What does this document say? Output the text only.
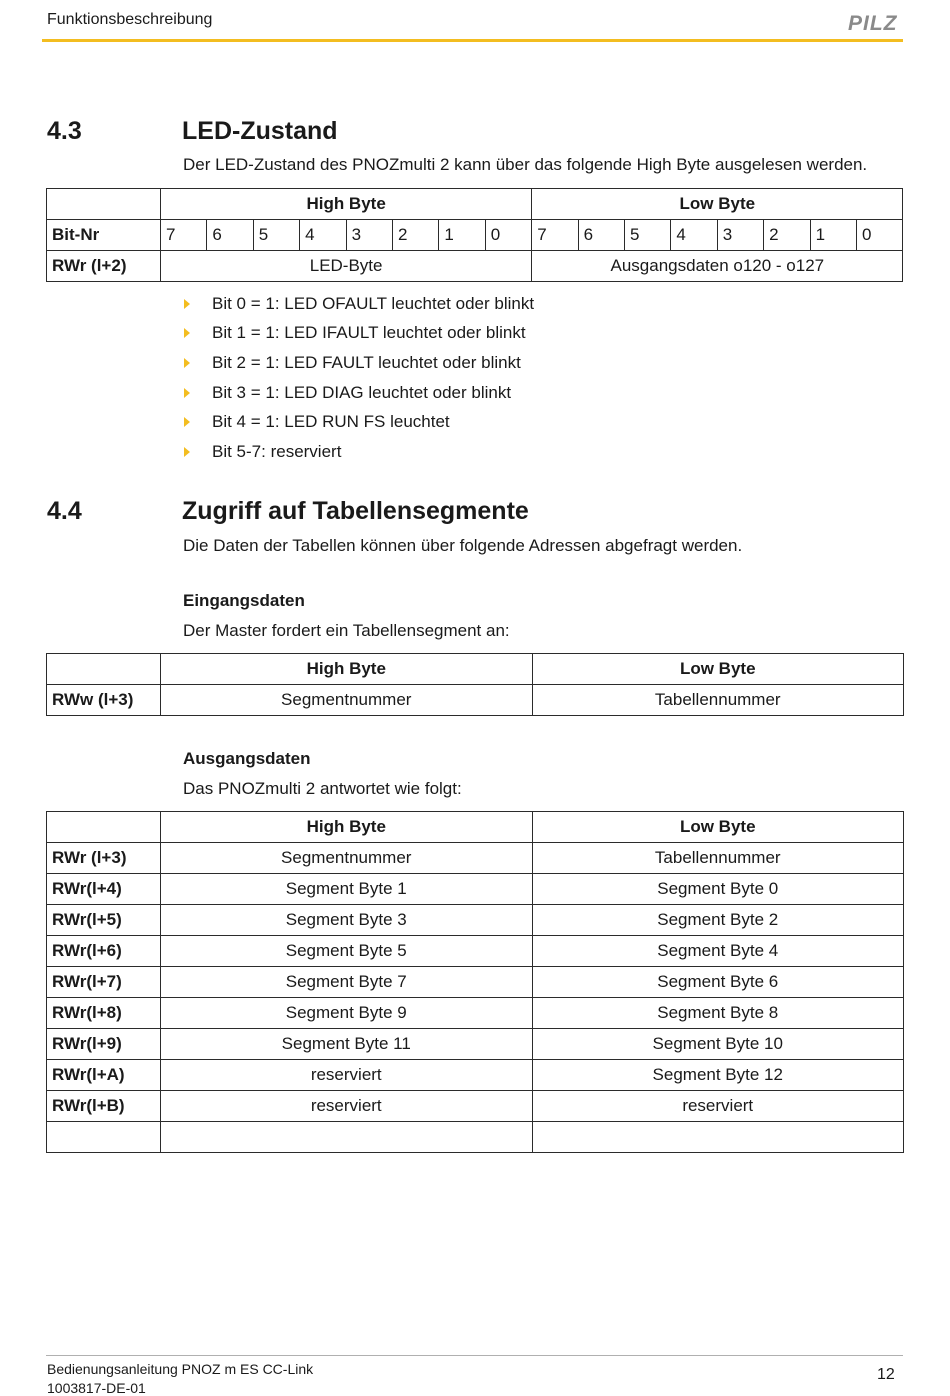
Funktionsbeschreibung	PILZ
4.3	LED-Zustand
Der LED-Zustand des PNOZmulti 2 kann über das folgende High Byte ausgelesen werden.
	High Byte								Low Byte							
Bit-Nr	7	6	5	4	3	2	1	0	7	6	5	4	3	2	1	0
RWr (l+2)	LED-Byte								Ausgangsdaten o120 - o127							
Bit 0 = 1: LED OFAULT leuchtet oder blinkt
Bit 1 = 1: LED IFAULT leuchtet oder blinkt
Bit 2 = 1: LED FAULT leuchtet oder blinkt
Bit 3 = 1: LED DIAG leuchtet oder blinkt
Bit 4 = 1: LED RUN FS leuchtet
Bit 5-7: reserviert
4.4	Zugriff auf Tabellensegmente
Die Daten der Tabellen können über folgende Adressen abgefragt werden.
Eingangsdaten
Der Master fordert ein Tabellensegment an:
	High Byte	Low Byte
RWw (l+3)	Segmentnummer	Tabellennummer
Ausgangsdaten
Das PNOZmulti 2 antwortet wie folgt:
	High Byte	Low Byte
RWr (l+3)	Segmentnummer	Tabellennummer
RWr(l+4)	Segment Byte 1	Segment Byte 0
RWr(l+5)	Segment Byte 3	Segment Byte 2
RWr(l+6)	Segment Byte 5	Segment Byte 4
RWr(l+7)	Segment Byte 7	Segment Byte 6
RWr(l+8)	Segment Byte 9	Segment Byte 8
RWr(l+9)	Segment Byte 11	Segment Byte 10
RWr(l+A)	reserviert	Segment Byte 12
RWr(l+B)	reserviert	reserviert

Bedienungsanleitung PNOZ m ES CC-Link
1003817-DE-01
12
